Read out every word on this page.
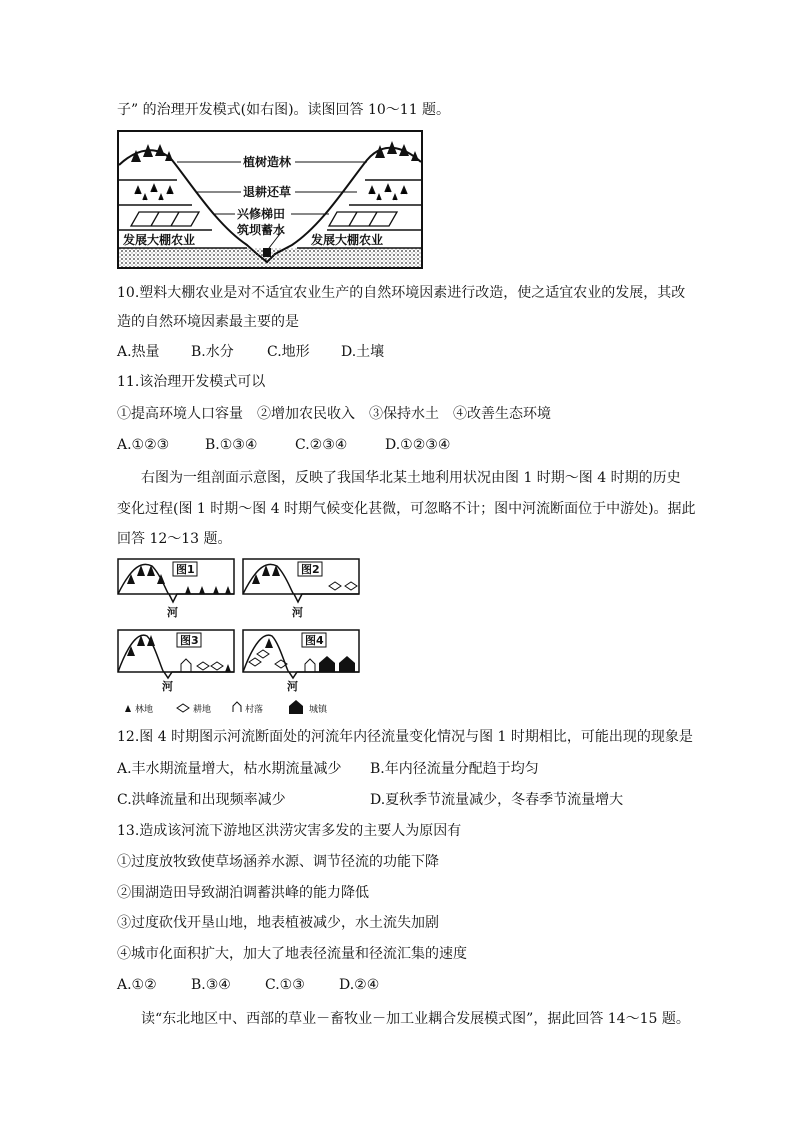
子” 的治理开发模式(如右图)。读图回答 10～11 题。
植树造林
退耕还草
兴修梯田
筑坝蓄水
发展大棚农业	发展大棚农业
10.塑料大棚农业是对不适宜农业生产的自然环境因素进行改造，使之适宜农业的发展，其改
造的自然环境因素最主要的是
A.热量 B.水分 C.地形 D.土壤
11.该治理开发模式可以
①提高环境人口容量　②增加农民收入　③保持水土　④改善生态环境
A.①②③	B.①③④	C.②③④	D.①②③④
右图为一组剖面示意图，反映了我国华北某土地利用状况由图 1 时期～图 4 时期的历史
变化过程(图 1 时期～图 4 时期气候变化甚微，可忽略不计；图中河流断面位于中游处)。据此
回答 12～13 题。
图1	图2
图3	图4
河	河
河	河
林地	耕地	村落	城镇
12.图 4 时期图示河流断面处的河流年内径流量变化情况与图 1 时期相比，可能出现的现象是
A.丰水期流量增大，枯水期流量减少 B.年内径流量分配趋于均匀
C.洪峰流量和出现频率减少	D.夏秋季节流量减少，冬春季节流量增大
13.造成该河流下游地区洪涝灾害多发的主要人为原因有
①过度放牧致使草场涵养水源、调节径流的功能下降
②围湖造田导致湖泊调蓄洪峰的能力降低
③过度砍伐开垦山地，地表植被减少，水土流失加剧
④城市化面积扩大，加大了地表径流量和径流汇集的速度
A.①② B.③④ C.①③ D.②④
读“东北地区中、西部的草业－畜牧业－加工业耦合发展模式图”，据此回答 14～15 题。
